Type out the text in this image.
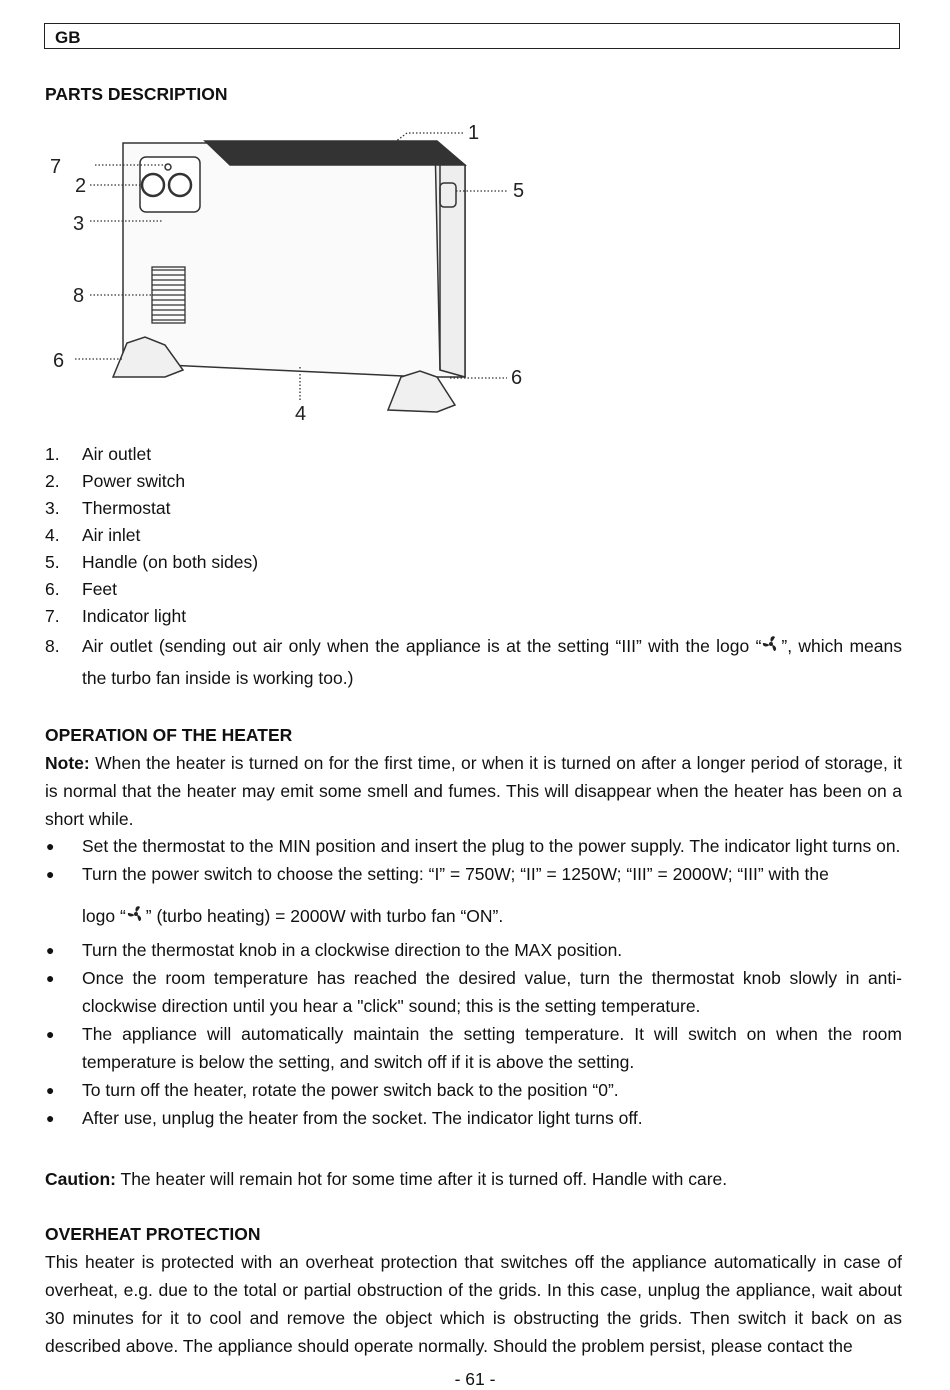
GB
PARTS DESCRIPTION
1
2
3
4
5
6
6
7
8
1. Air outlet
2. Power switch
3. Thermostat
4. Air inlet
5. Handle (on both sides)
6. Feet
7. Indicator light
8. Air outlet (sending out air only when the appliance is at the setting “III” with the logo “ ”, which means the turbo fan inside is working too.)
OPERATION OF THE HEATER
Note: When the heater is turned on for the first time, or when it is turned on after a longer period of storage, it is normal that the heater may emit some smell and fumes. This will disappear when the heater has been on a short while.
● Set the thermostat to the MIN position and insert the plug to the power supply. The indicator light turns on.
● Turn the power switch to choose the setting: “I” = 750W; “II” = 1250W; “III” = 2000W; “III” with the
logo “ ” (turbo heating) = 2000W with turbo fan “ON”.
● Turn the thermostat knob in a clockwise direction to the MAX position.
● Once the room temperature has reached the desired value, turn the thermostat knob slowly in anti-clockwise direction until you hear a "click" sound; this is the setting temperature.
● The appliance will automatically maintain the setting temperature. It will switch on when the room temperature is below the setting, and switch off if it is above the setting.
● To turn off the heater, rotate the power switch back to the position “0”.
● After use, unplug the heater from the socket. The indicator light turns off.
Caution: The heater will remain hot for some time after it is turned off. Handle with care.
OVERHEAT PROTECTION
This heater is protected with an overheat protection that switches off the appliance automatically in case of overheat, e.g. due to the total or partial obstruction of the grids. In this case, unplug the appliance, wait about 30 minutes for it to cool and remove the object which is obstructing the grids. Then switch it back on as described above. The appliance should operate normally. Should the problem persist, please contact the
- 61 -
